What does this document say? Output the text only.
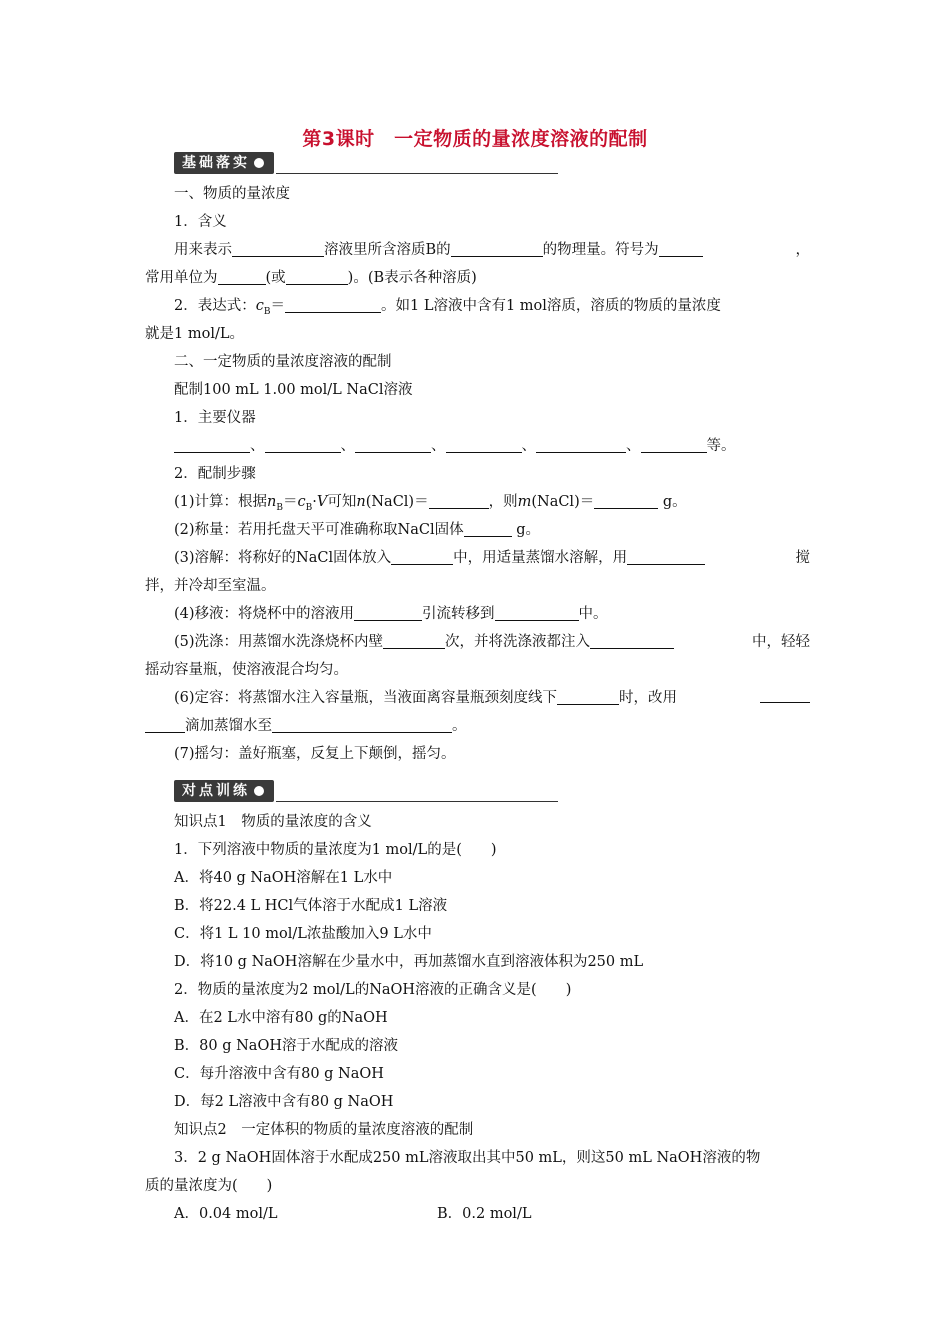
第3课时　一定物质的量浓度溶液的配制
基础落实
一、物质的量浓度
1．含义
用来表示	溶液里所含溶质B的	的物理量。符号为	，
常用单位为	(或	)。(B表示各种溶质)
2．表达式：$c_B=$	。如1 L溶液中含有1 mol溶质，溶质的物质的量浓度
就是1 mol/L。
二、一定物质的量浓度溶液的配制
配制100 mL 1.00 mol/L NaCl溶液
1．主要仪器
、	、	、	、	、	等。
2．配制步骤
(1)计算：根据$n_B=c_B\cdot V$可知n(NaCl)＝	，则m(NaCl)＝	g。
(2)称量：若用托盘天平可准确称取NaCl固体	g。
(3)溶解：将称好的NaCl固体放入	中，用适量蒸馏水溶解，用	搅
拌，并冷却至室温。
(4)移液：将烧杯中的溶液用	引流转移到	中。
(5)洗涤：用蒸馏水洗涤烧杯内壁	次，并将洗涤液都注入	中，轻轻
摇动容量瓶，使溶液混合均匀。
(6)定容：将蒸馏水注入容量瓶，当液面离容量瓶颈刻度线下	时，改用
滴加蒸馏水至	。
(7)摇匀：盖好瓶塞，反复上下颠倒，摇匀。
对点训练
知识点1　物质的量浓度的含义
1．下列溶液中物质的量浓度为1 mol/L的是(　　)
A．将40 g NaOH溶解在1 L水中
B．将22.4 L HCl气体溶于水配成1 L溶液
C．将1 L 10 mol/L浓盐酸加入9 L水中
D．将10 g NaOH溶解在少量水中，再加蒸馏水直到溶液体积为250 mL
2．物质的量浓度为2 mol/L的NaOH溶液的正确含义是(　　)
A．在2 L水中溶有80 g的NaOH
B．80 g NaOH溶于水配成的溶液
C．每升溶液中含有80 g NaOH
D．每2 L溶液中含有80 g NaOH
知识点2　一定体积的物质的量浓度溶液的配制
3．2 g NaOH固体溶于水配成250 mL溶液取出其中50 mL，则这50 mL NaOH溶液的物
质的量浓度为(　　)
A．0.04 mol/L	B．0.2 mol/L
